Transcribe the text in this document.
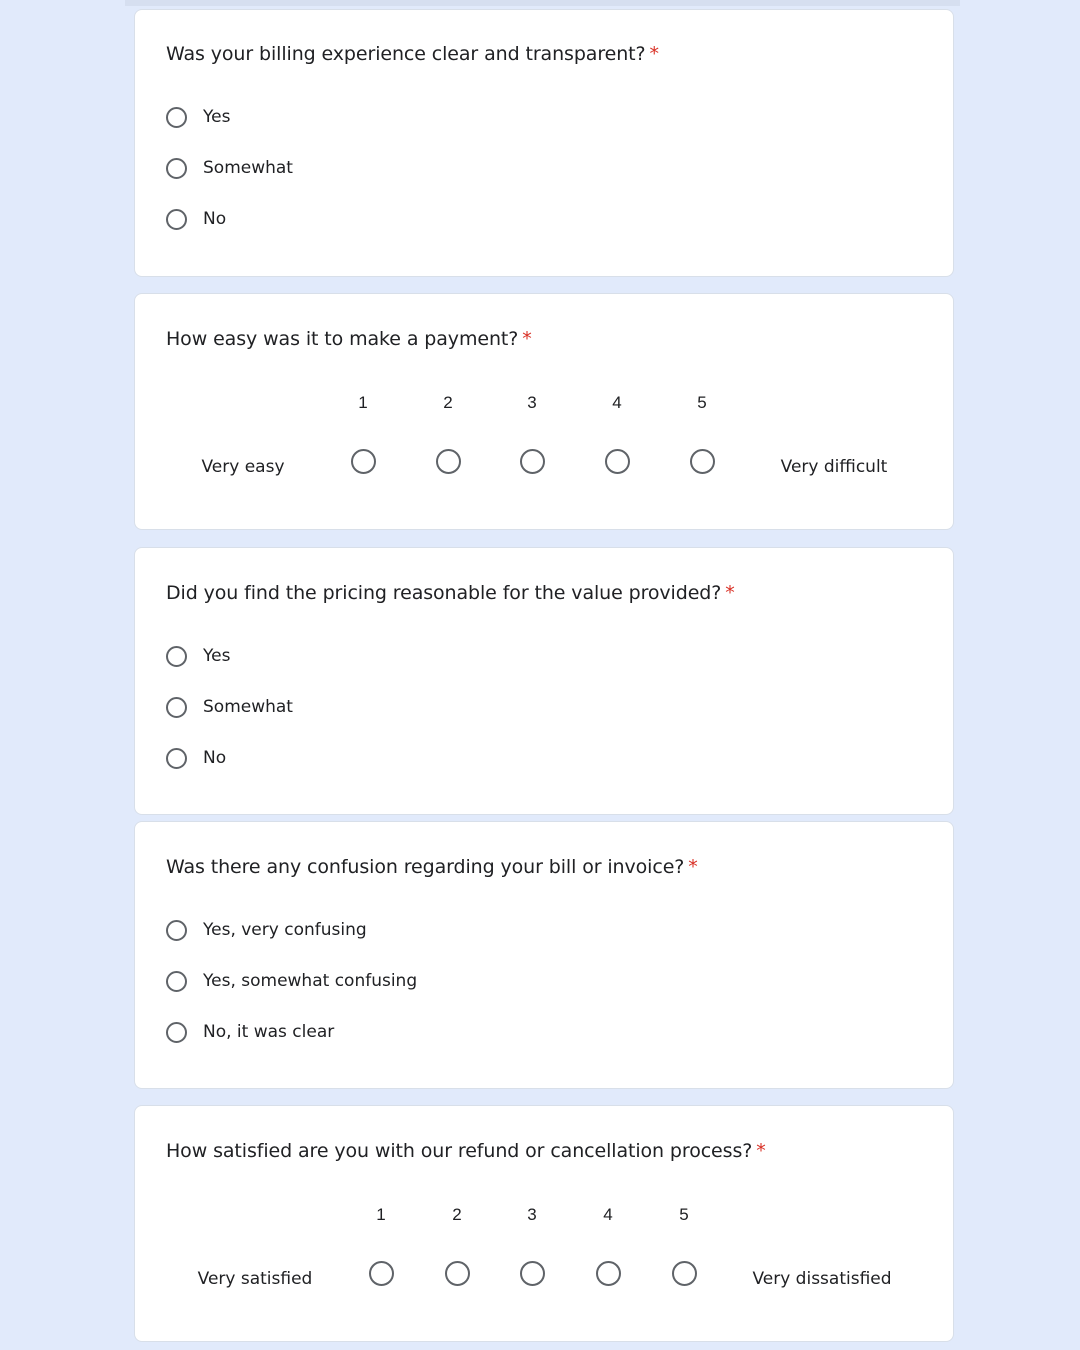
Was your billing experience clear and transparent? *
Yes
Somewhat
No
How easy was it to make a payment? *
1	2	3	4	5
Very easy	Very difficult
Did you find the pricing reasonable for the value provided? *
Yes
Somewhat
No
Was there any confusion regarding your bill or invoice? *
Yes, very confusing
Yes, somewhat confusing
No, it was clear
How satisfied are you with our refund or cancellation process? *
1	2	3	4	5
Very satisfied	Very dissatisfied
